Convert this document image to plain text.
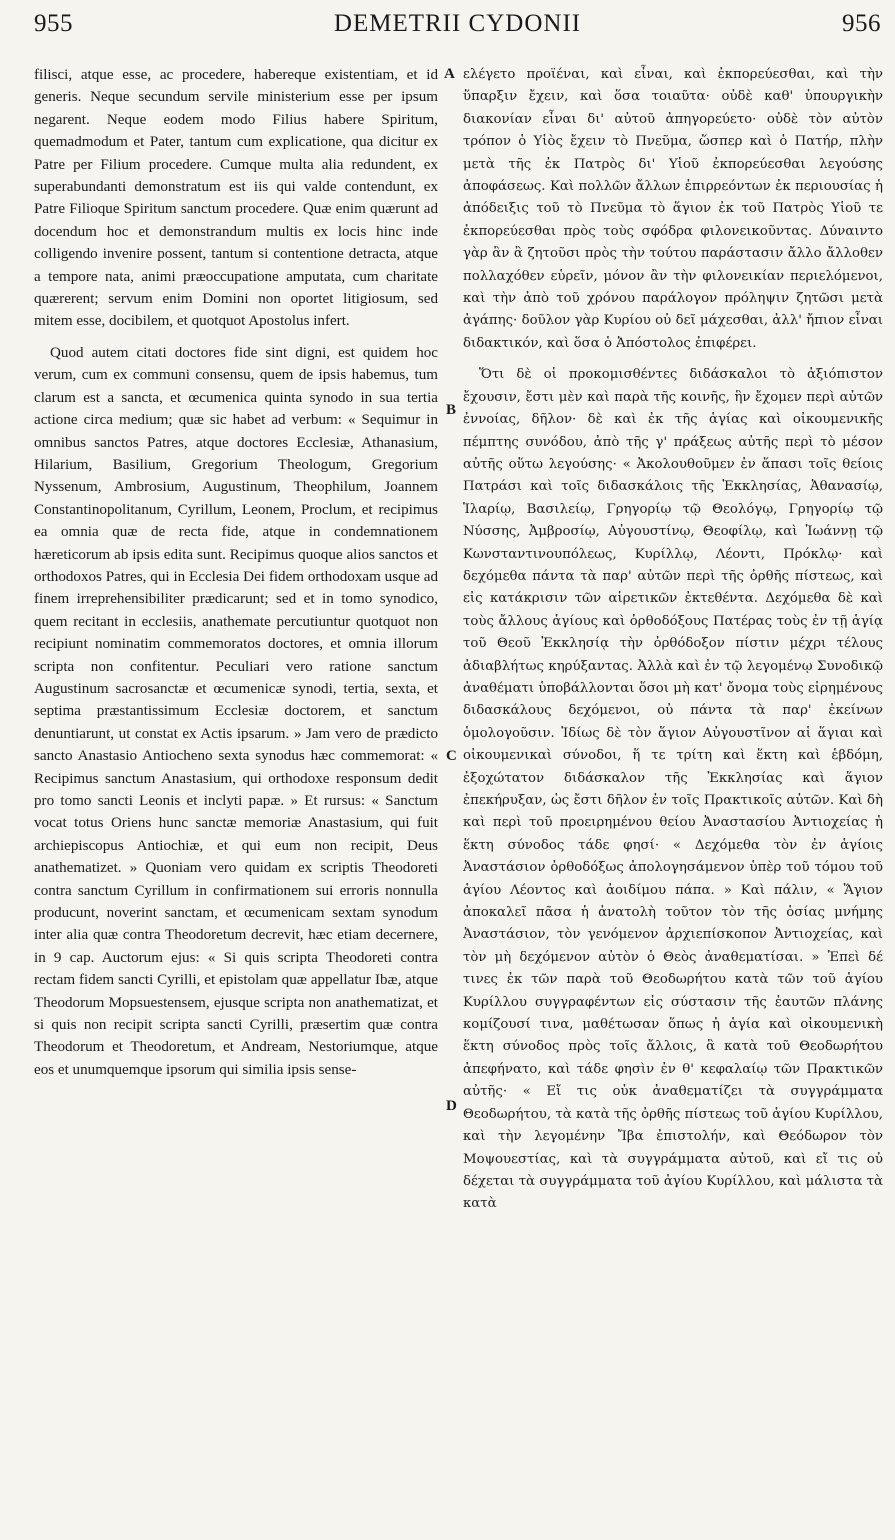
955	DEMETRII CYDONII	956

filisci, atque esse, ac procedere, habereque existentiam, et id generis. Neque secundum servile ministerium esse per ipsum negarent. Neque eodem modo Filius habere Spiritum, quemadmodum et Pater, tantum cum explicatione, qua dicitur ex Patre per Filium procedere. Cumque multa alia redundent, ex superabundanti demonstratum est iis qui valde contendunt, ex Patre Filioque Spiritum sanctum procedere. Quæ enim quærunt ad docendum hoc et demonstrandum multis ex locis hinc inde colligendo invenire possent, tantum si contentione detracta, atque a tempore nata, animi præoccupatione amputata, cum charitate quærerent; servum enim Domini non oportet litigiosum, sed mitem esse, docibilem, et quotquot Apostolus infert.

Quod autem citati doctores fide sint digni, est quidem hoc verum, cum ex communi consensu, quem de ipsis habemus, tum clarum est a sancta, et œcumenica quinta synodo in sua tertia actione circa medium; quæ sic habet ad verbum: « Sequimur in omnibus sanctos Patres, atque doctores Ecclesiæ, Athanasium, Hilarium, Basilium, Gregorium Theologum, Gregorium Nyssenum, Ambrosium, Augustinum, Theophilum, Joannem Constantinopolitanum, Cyrillum, Leonem, Proclum, et recipimus ea omnia quæ de recta fide, atque in condemnationem hæreticorum ab ipsis edita sunt. Recipimus quoque alios sanctos et orthodoxos Patres, qui in Ecclesia Dei fidem orthodoxam usque ad finem irreprehensibiliter prædicarunt; sed et in tomo synodico, quem recitant in ecclesiis, anathemate percutiuntur quotquot non recipiunt nominatim commemoratos doctores, et omnia illorum scripta non confitentur. Peculiari vero ratione sanctum Augustinum sacrosanctæ et œcumenicæ synodi, tertia, sexta, et septima præstantissimum Ecclesiæ doctorem, et sanctum denuntiarunt, ut constat ex Actis ipsarum. » Jam vero de prædicto sancto Anastasio Antiocheno sexta synodus hæc commemorat: « Recipimus sanctum Anastasium, qui orthodoxe responsum dedit pro tomo sancti Leonis et inclyti papæ. » Et rursus: « Sanctum vocat totus Oriens hunc sanctæ memoriæ Anastasium, qui fuit archiepiscopus Antiochiæ, et qui eum non recipit, Deus anathematizet. » Quoniam vero quidam ex scriptis Theodoreti contra sanctum Cyrillum in confirmationem sui erroris nonnulla producunt, noverint sanctam, et œcumenicam sextam synodum inter alia quæ contra Theodoretum decrevit, hæc etiam decernere, in 9 cap. Auctorum ejus: « Si quis scripta Theodoreti contra rectam fidem sancti Cyrilli, et epistolam quæ appellatur Ibæ, atque Theodorum Mopsuestensem, ejusque scripta non anathematizat, et si quis non recipit scripta sancti Cyrilli, præsertim quæ contra Theodorum et Theodoretum, et Andream, Nestoriumque, atque eos et unumquemque ipsorum qui similia ipsis sense-

A
B
C
D

ελέγετο προϊέναι, καὶ εἶναι, καὶ ἐκπορεύεσθαι, καὶ τὴν ὕπαρξιν ἔχειν, καὶ ὅσα τοιαῦτα· οὐδὲ καθ' ὑπουργικὴν διακονίαν εἶναι δι' αὐτοῦ ἀπηγορεύετο· οὐδὲ τὸν αὐτὸν τρόπον ὁ Υἱὸς ἔχειν τὸ Πνεῦμα, ὥσπερ καὶ ὁ Πατήρ, πλὴν μετὰ τῆς ἐκ Πατρὸς δι' Υἱοῦ ἐκπορεύεσθαι λεγούσης ἀποφάσεως. Καὶ πολλῶν ἄλλων ἐπιρρεόντων ἐκ περιουσίας ἡ ἀπόδειξις τοῦ τὸ Πνεῦμα τὸ ἅγιον ἐκ τοῦ Πατρὸς Υἱοῦ τε ἐκπορεύεσθαι πρὸς τοὺς σφόδρα φιλονεικοῦντας. Δύναιντο γὰρ ἂν ἃ ζητοῦσι πρὸς τὴν τούτου παράστασιν ἄλλο ἄλλοθεν πολλαχόθεν εὑρεῖν, μόνον ἂν τὴν φιλονεικίαν περιελόμενοι, καὶ τὴν ἀπὸ τοῦ χρόνου παράλογον πρόληψιν ζητῶσι μετὰ ἀγάπης· δοῦλον γὰρ Κυρίου οὐ δεῖ μάχεσθαι, ἀλλ' ἤπιον εἶναι διδακτικόν, καὶ ὅσα ὁ Ἀπόστολος ἐπιφέρει.

Ὅτι δὲ οἱ προκομισθέντες διδάσκαλοι τὸ ἀξιόπιστον ἔχουσιν, ἔστι μὲν καὶ παρὰ τῆς κοινῆς, ἣν ἔχομεν περὶ αὐτῶν ἐννοίας, δῆλον· δὲ καὶ ἐκ τῆς ἁγίας καὶ οἰκουμενικῆς πέμπτης συνόδου, ἀπὸ τῆς γ' πράξεως αὐτῆς περὶ τὸ μέσον αὐτῆς οὕτω λεγούσης· « Ἀκολουθοῦμεν ἐν ἅπασι τοῖς θείοις Πατράσι καὶ τοῖς διδασκάλοις τῆς Ἐκκλησίας, Ἀθανασίῳ, Ἱλαρίῳ, Βασιλείῳ, Γρηγορίῳ τῷ Θεολόγῳ, Γρηγορίῳ τῷ Νύσσης, Ἀμβροσίῳ, Αὐγουστίνῳ, Θεοφίλῳ, καὶ Ἰωάννῃ τῷ Κωνσταντινουπόλεως, Κυρίλλῳ, Λέοντι, Πρόκλῳ· καὶ δεχόμεθα πάντα τὰ παρ' αὐτῶν περὶ τῆς ὀρθῆς πίστεως, καὶ εἰς κατάκρισιν τῶν αἱρετικῶν ἐκτεθέντα. Δεχόμεθα δὲ καὶ τοὺς ἄλλους ἁγίους καὶ ὀρθοδόξους Πατέρας τοὺς ἐν τῇ ἁγίᾳ τοῦ Θεοῦ Ἐκκλησίᾳ τὴν ὀρθόδοξον πίστιν μέχρι τέλους ἀδιαβλήτως κηρύξαντας. Ἀλλὰ καὶ ἐν τῷ λεγομένῳ Συνοδικῷ ἀναθέματι ὑποβάλλονται ὅσοι μὴ κατ' ὄνομα τοὺς εἰρημένους διδασκάλους δεχόμενοι, οὐ πάντα τὰ παρ' ἐκείνων ὁμολογοῦσιν. Ἰδίως δὲ τὸν ἅγιον Αὐγουστῖνον αἱ ἅγιαι καὶ οἰκουμενικαὶ σύνοδοι, ἥ τε τρίτη καὶ ἕκτη καὶ ἑβδόμη, ἐξοχώτατον διδάσκαλον τῆς Ἐκκλησίας καὶ ἅγιον ἐπεκήρυξαν, ὡς ἔστι δῆλον ἐν τοῖς Πρακτικοῖς αὐτῶν. Καὶ δὴ καὶ περὶ τοῦ προειρημένου θείου Ἀναστασίου Ἀντιοχείας ἡ ἕκτη σύνοδος τάδε φησί· « Δεχόμεθα τὸν ἐν ἁγίοις Ἀναστάσιον ὀρθοδόξως ἀπολογησάμενον ὑπὲρ τοῦ τόμου τοῦ ἁγίου Λέοντος καὶ ἀοιδίμου πάπα. » Καὶ πάλιν, « Ἅγιον ἀποκαλεῖ πᾶσα ἡ ἀνατολὴ τοῦτον τὸν τῆς ὁσίας μνήμης Ἀναστάσιον, τὸν γενόμενον ἀρχιεπίσκοπον Ἀντιοχείας, καὶ τὸν μὴ δεχόμενον αὐτὸν ὁ Θεὸς ἀναθεματίσαι. » Ἐπεὶ δέ τινες ἐκ τῶν παρὰ τοῦ Θεοδωρήτου κατὰ τῶν τοῦ ἁγίου Κυρίλλου συγγραφέντων εἰς σύστασιν τῆς ἑαυτῶν πλάνης κομίζουσί τινα, μαθέτωσαν ὅπως ἡ ἁγία καὶ οἰκουμενικὴ ἕκτη σύνοδος πρὸς τοῖς ἄλλοις, ἃ κατὰ τοῦ Θεοδωρήτου ἀπεφήνατο, καὶ τάδε φησὶν ἐν θ' κεφαλαίῳ τῶν Πρακτικῶν αὐτῆς· « Εἴ τις οὐκ ἀναθεματίζει τὰ συγγράμματα Θεοδωρήτου, τὰ κατὰ τῆς ὀρθῆς πίστεως τοῦ ἁγίου Κυρίλλου, καὶ τὴν λεγομένην Ἴβα ἐπιστολήν, καὶ Θεόδωρον τὸν Μοψουεστίας, καὶ τὰ συγγράμματα αὐτοῦ, καὶ εἴ τις οὐ δέχεται τὰ συγγράμματα τοῦ ἁγίου Κυρίλλου, καὶ μάλιστα τὰ κατὰ
